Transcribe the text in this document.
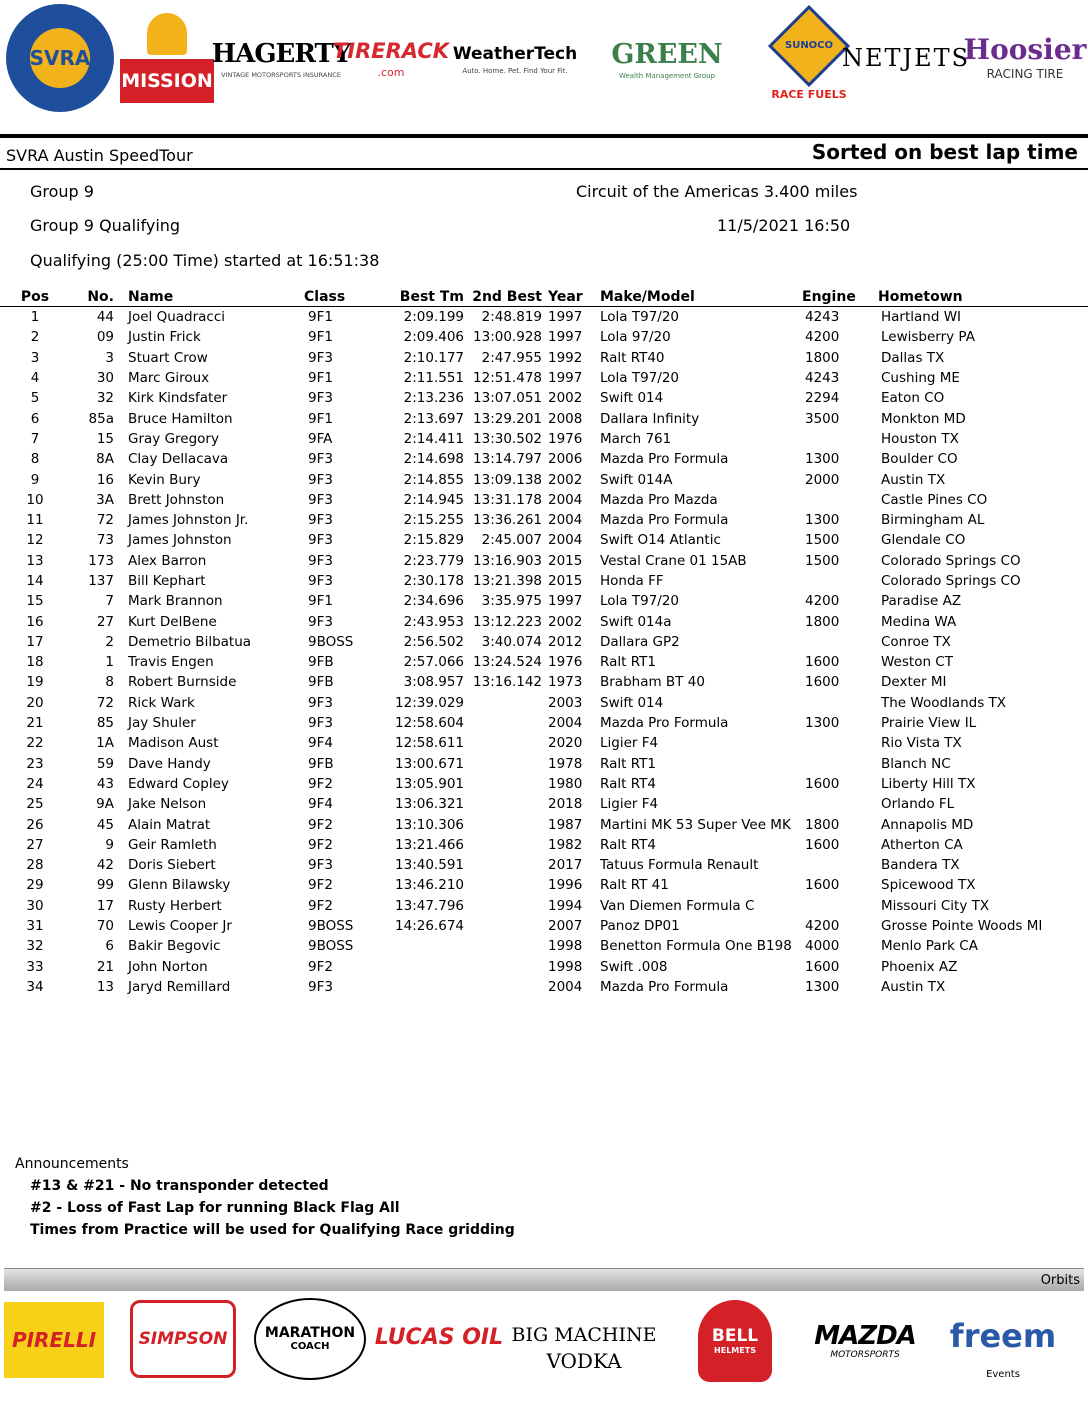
SVRA
MISSION
HAGERTY
VINTAGE MOTORSPORTS INSURANCE
TIRERACK
.com
WeatherTech
Auto. Home. Pet. Find Your Fit.
GREEN
Wealth Management Group
SUNOCO
RACE FUELS
NETJETS
Hoosier
RACING TIRE
SVRA Austin SpeedTour	Sorted on best lap time
Group 9	Circuit of the Americas 3.400 miles
Group 9 Qualifying	11/5/2021 16:50
Qualifying (25:00 Time) started at 16:51:38
Pos	No.	Name	Class	Best Tm	2nd Best	Year	Make/Model	Engine	Hometown
1	44	Joel Quadracci	9F1	2:09.199	2:48.819	1997	Lola T97/20	4243	Hartland WI
2	09	Justin Frick	9F1	2:09.406	13:00.928	1997	Lola 97/20	4200	Lewisberry PA
3	3	Stuart Crow	9F3	2:10.177	2:47.955	1992	Ralt RT40	1800	Dallas TX
4	30	Marc Giroux	9F1	2:11.551	12:51.478	1997	Lola T97/20	4243	Cushing ME
5	32	Kirk Kindsfater	9F3	2:13.236	13:07.051	2002	Swift 014	2294	Eaton CO
6	85a	Bruce Hamilton	9F1	2:13.697	13:29.201	2008	Dallara Infinity	3500	Monkton MD
7	15	Gray Gregory	9FA	2:14.411	13:30.502	1976	March 761		Houston TX
8	8A	Clay Dellacava	9F3	2:14.698	13:14.797	2006	Mazda Pro Formula	1300	Boulder CO
9	16	Kevin Bury	9F3	2:14.855	13:09.138	2002	Swift 014A	2000	Austin TX
10	3A	Brett Johnston	9F3	2:14.945	13:31.178	2004	Mazda Pro Mazda		Castle Pines CO
11	72	James Johnston Jr.	9F3	2:15.255	13:36.261	2004	Mazda Pro Formula	1300	Birmingham AL
12	73	James Johnston	9F3	2:15.829	2:45.007	2004	Swift O14 Atlantic	1500	Glendale CO
13	173	Alex Barron	9F3	2:23.779	13:16.903	2015	Vestal Crane 01 15AB	1500	Colorado Springs CO
14	137	Bill Kephart	9F3	2:30.178	13:21.398	2015	Honda FF		Colorado Springs CO
15	7	Mark Brannon	9F1	2:34.696	3:35.975	1997	Lola T97/20	4200	Paradise AZ
16	27	Kurt DelBene	9F3	2:43.953	13:12.223	2002	Swift 014a	1800	Medina WA
17	2	Demetrio Bilbatua	9BOSS	2:56.502	3:40.074	2012	Dallara GP2		Conroe TX
18	1	Travis Engen	9FB	2:57.066	13:24.524	1976	Ralt RT1	1600	Weston CT
19	8	Robert Burnside	9FB	3:08.957	13:16.142	1973	Brabham BT 40	1600	Dexter MI
20	72	Rick Wark	9F3	12:39.029		2003	Swift 014		The Woodlands TX
21	85	Jay Shuler	9F3	12:58.604		2004	Mazda Pro Formula	1300	Prairie View IL
22	1A	Madison Aust	9F4	12:58.611		2020	Ligier F4		Rio Vista TX
23	59	Dave Handy	9FB	13:00.671		1978	Ralt RT1		Blanch NC
24	43	Edward Copley	9F2	13:05.901		1980	Ralt RT4	1600	Liberty Hill TX
25	9A	Jake Nelson	9F4	13:06.321		2018	Ligier F4		Orlando FL
26	45	Alain Matrat	9F2	13:10.306		1987	Martini MK 53 Super Vee MK	1800	Annapolis MD
27	9	Geir Ramleth	9F2	13:21.466		1982	Ralt RT4	1600	Atherton CA
28	42	Doris Siebert	9F3	13:40.591		2017	Tatuus Formula Renault		Bandera TX
29	99	Glenn Bilawsky	9F2	13:46.210		1996	Ralt RT 41	1600	Spicewood TX
30	17	Rusty Herbert	9F2	13:47.796		1994	Van Diemen Formula C		Missouri City TX
31	70	Lewis Cooper Jr	9BOSS	14:26.674		2007	Panoz DP01	4200	Grosse Pointe Woods MI
32	6	Bakir Begovic	9BOSS			1998	Benetton Formula One B198	4000	Menlo Park CA
33	21	John Norton	9F2			1998	Swift .008	1600	Phoenix AZ
34	13	Jaryd Remillard	9F3			2004	Mazda Pro Formula	1300	Austin TX
Announcements
#13 & #21 - No transponder detected
#2 - Loss of Fast Lap for running Black Flag All
Times from Practice will be used for Qualifying Race gridding
Orbits
PIRELLI	SIMPSON	MARATHON
COACH LUCAS OIL BIG MACHINE
VODKA
BELL
HELMETS MAZDA
MOTORSPORTS freem
Events
